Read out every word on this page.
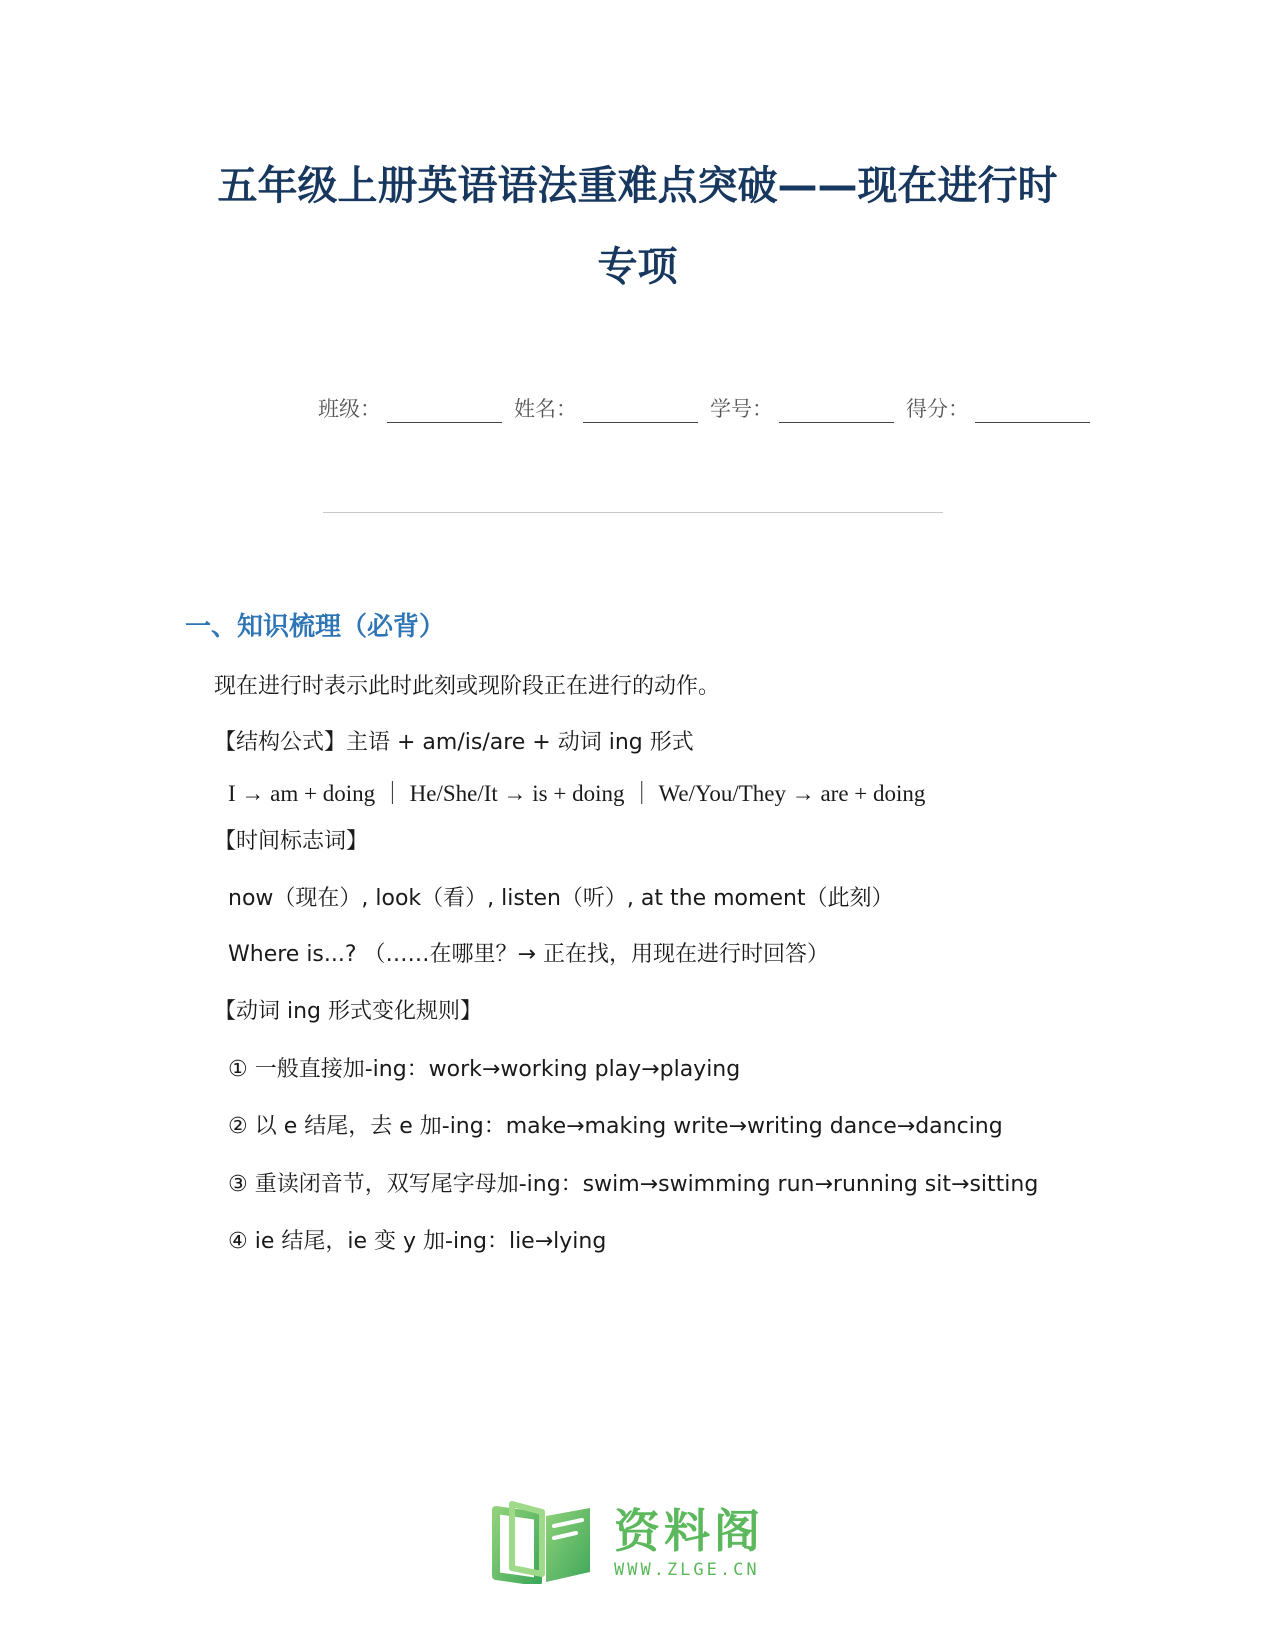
五年级上册英语语法重难点突破——现在进行时
专项
班级：	姓名：	学号：	得分：
一、知识梳理（必背）
现在进行时表示此时此刻或现阶段正在进行的动作。
【结构公式】主语 + am/is/are + 动词 ing 形式
I → am + doing ｜ He/She/It → is + doing ｜ We/You/They → are + doing
【时间标志词】
now（现在）, look（看）, listen（听）, at the moment（此刻）
Where is...? （……在哪里？→ 正在找，用现在进行时回答）
【动词 ing 形式变化规则】
① 一般直接加-ing：work→working play→playing
② 以 e 结尾，去 e 加-ing：make→making write→writing dance→dancing
③ 重读闭音节，双写尾字母加-ing：swim→swimming run→running sit→sitting
④ ie 结尾，ie 变 y 加-ing：lie→lying
资料阁
WWW.ZLGE.CN
